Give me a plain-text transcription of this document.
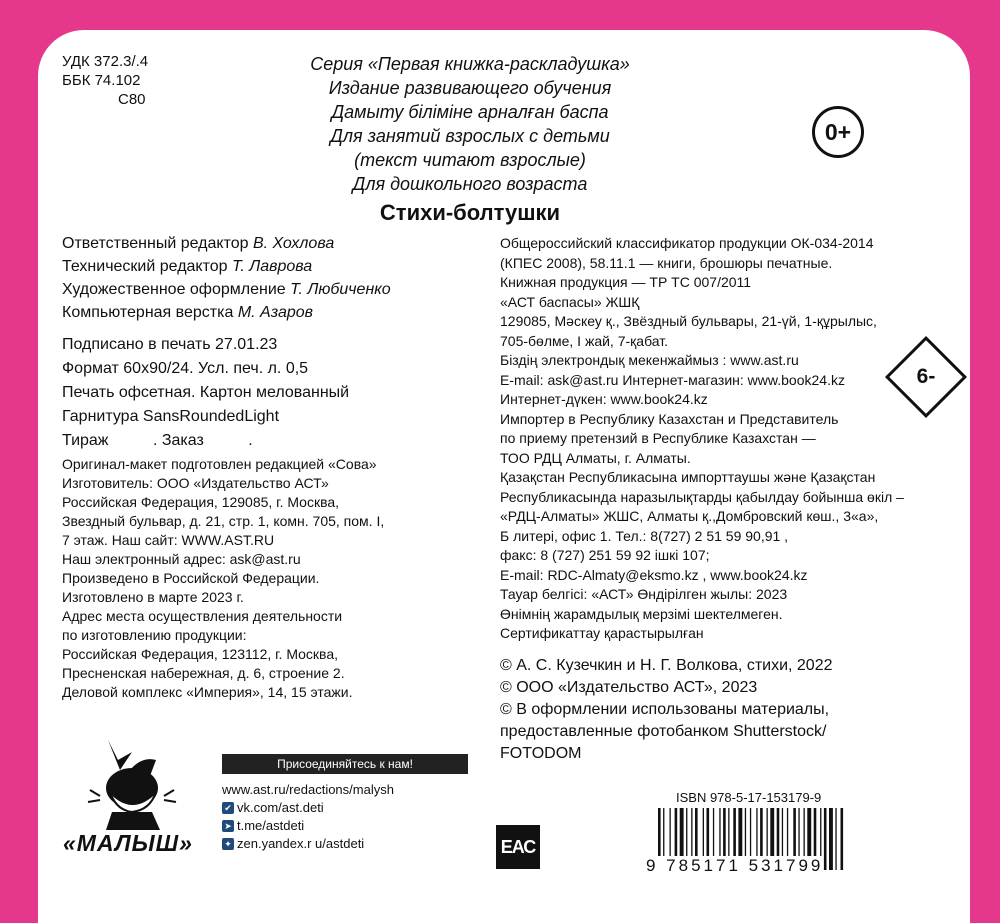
УДК 372.3/.4
ББК 74.102
С80
Серия «Первая книжка-раскладушка»
Издание развивающего обучения
Дамыту біліміне арналған баспа
Для занятий взрослых с детьми
(текст читают взрослые)
Для дошкольного возраста
0+
Стихи-болтушки
Ответственный редактор В. Хохлова
Технический редактор Т. Лаврова
Художественное оформление Т. Любиченко
Компьютерная верстка М. Азаров
Подписано в печать 27.01.23
Формат 60х90/24. Усл. печ. л. 0,5
Печать офсетная. Картон мелованный
Гарнитура SansRoundedLight
Тираж          . Заказ          .
Оригинал-макет подготовлен редакцией «Сова»
Изготовитель: ООО «Издательство АСТ»
Российская Федерация, 129085, г. Москва,
Звездный бульвар, д. 21, стр. 1, комн. 705, пом. I,
7 этаж. Наш сайт: WWW.AST.RU
Наш электронный адрес: ask@ast.ru
Произведено в Российской Федерации.
Изготовлено в марте 2023 г.
Адрес места осуществления деятельности
по изготовлению продукции:
Российская Федерация, 123112, г. Москва,
Пресненская набережная, д. 6, строение 2.
Деловой комплекс «Империя», 14, 15 этажи.
Общероссийский классификатор продукции ОК-034-2014
(КПЕС 2008), 58.11.1 — книги, брошюры печатные.
Книжная продукция — ТР ТС 007/2011
«АСТ баспасы» ЖШҚ
129085, Мәскеу қ., Звёздный бульвары, 21-үй, 1-құрылыс,
705-бөлме, I жай, 7-қабат.
Біздің электрондық мекенжаймыз : www.ast.ru
E-mail: ask@ast.ru Интернет-магазин: www.book24.kz
Интернет-дүкен: www.book24.kz
Импортер в Республику Казахстан и Представитель
по приему претензий в Республике Казахстан —
ТОО РДЦ Алматы, г. Алматы.
Қазақстан Республикасына импорттаушы және Қазақстан
Республикасында наразылықтарды қабылдау бойынша өкіл –
«РДЦ-Алматы» ЖШС, Алматы қ.,Домбровский көш., 3«а»,
Б литері, офис 1. Тел.: 8(727) 2 51 59 90,91 ,
факс: 8 (727) 251 59 92 ішкі 107;
E-mail: RDC-Almaty@eksmo.kz , www.book24.kz
Тауар белгісі: «АСТ» Өндірілген жылы: 2023
Өнімнің жарамдылық мерзімі шектелмеген.
Сертификаттау қарастырылған
6-
© А. С. Кузечкин и Н. Г. Волкова, стихи, 2022
© ООО «Издательство АСТ», 2023
© В оформлении использованы материалы,
предоставленные фотобанком Shutterstock/
FOTODOM
«МАЛЫШ»
Присоединяйтесь к нам!
www.ast.ru/redactions/malysh
✔ vk.com/ast.deti
➤ t.me/astdeti
✦ zen.yandex.r u/astdeti	ЕАС
ISBN 978-5-17-153179-9
9 785171 531799
